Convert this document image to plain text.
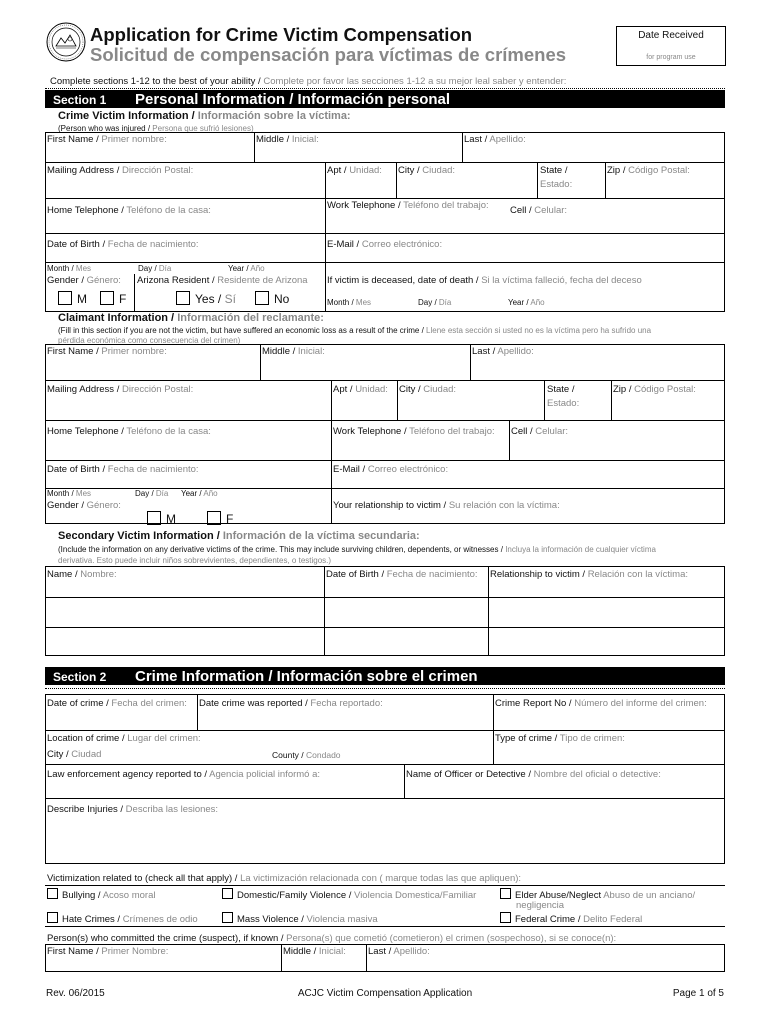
Application for Crime Victim Compensation
Solicitud de compensación para víctimas de crímenes
Date Received
for program use
Complete sections 1-12 to the best of your ability / Complete por favor las secciones 1-12 a su mejor leal saber y entender:
Section 1 Personal Information / Información personal
Crime Victim Information / Información sobre la víctima:
(Person who was injured / Persona que sufrió lesiones)
First Name / Primer nombre:	Middle / Inicial:	Last / Apellido:
Mailing Address / Dirección Postal:	Apt / Unidad: City / Ciudad:	State /
Estado:
Zip / Código Postal:
Home Telephone / Teléfono de la casa:	Work Telephone / Teléfono del trabajo: Cell / Celular:
Date of Birth / Fecha de nacimiento:	E-Mail / Correo electrónico:
Month / Mes	Day / Día	Year / Año
Gender / Género:
M	F
Arizona Resident / Residente de Arizona
Yes / Sí	No
If victim is deceased, date of death / Si la víctima falleció, fecha del deceso
Month / Mes	Day / Día	Year / Año
Claimant Information / Información del reclamante:
(Fill in this section if you are not the victim, but have suffered an economic loss as a result of the crime / Llene esta sección si usted no es la víctima pero ha sufrido una
pérdida económica como consecuencia del crimen)
First Name / Primer nombre:	Middle / Inicial:	Last / Apellido:
Mailing Address / Dirección Postal:	Apt / Unidad: City / Ciudad:	State /
Estado:
Zip / Código Postal:
Home Telephone / Teléfono de la casa:	Work Telephone / Teléfono del trabajo: Cell / Celular:
Date of Birth / Fecha de nacimiento:	E-Mail / Correo electrónico:
Month / Mes	Day / Día Year / Año
Gender / Género:
M	F
Your relationship to victim / Su relación con la víctima:
Secondary Victim Information / Información de la víctima secundaria:
(Include the information on any derivative victims of the crime. This may include surviving children, dependents, or witnesses / Incluya la información de cualquier víctima
derivativa. Esto puede incluir niños sobrevivientes, dependientes, o testigos.)
Name / Nombre:	Date of Birth / Fecha de nacimiento: Relationship to victim / Relación con la víctima:
Section 2 Crime Information / Información sobre el crimen
Date of crime / Fecha del crimen: Date crime was reported / Fecha reportado:	Crime Report No / Número del informe del crimen:
Location of crime / Lugar del crimen:
City / Ciudad	County / Condado
Type of crime / Tipo de crimen:
Law enforcement agency reported to / Agencia policial informó a:	Name of Officer or Detective / Nombre del oficial o detective:
Describe Injuries / Describa las lesiones:
Victimization related to (check all that apply) / La victimización relacionada con ( marque todas las que apliquen):
Bullying / Acoso moral	Domestic/Family Violence / Violencia Domestica/Familiar	Elder Abuse/Neglect Abuso de un anciano/
negligencia
Hate Crimes / Crímenes de odio	Mass Violence / Violencia masiva	Federal Crime / Delito Federal
Person(s) who committed the crime (suspect), if known / Persona(s) que cometió (cometieron) el crimen (sospechoso), si se conoce(n):
First Name / Primer Nombre:	Middle / Inicial: Last / Apellido:
Rev. 06/2015	ACJC Victim Compensation Application	Page 1 of 5
